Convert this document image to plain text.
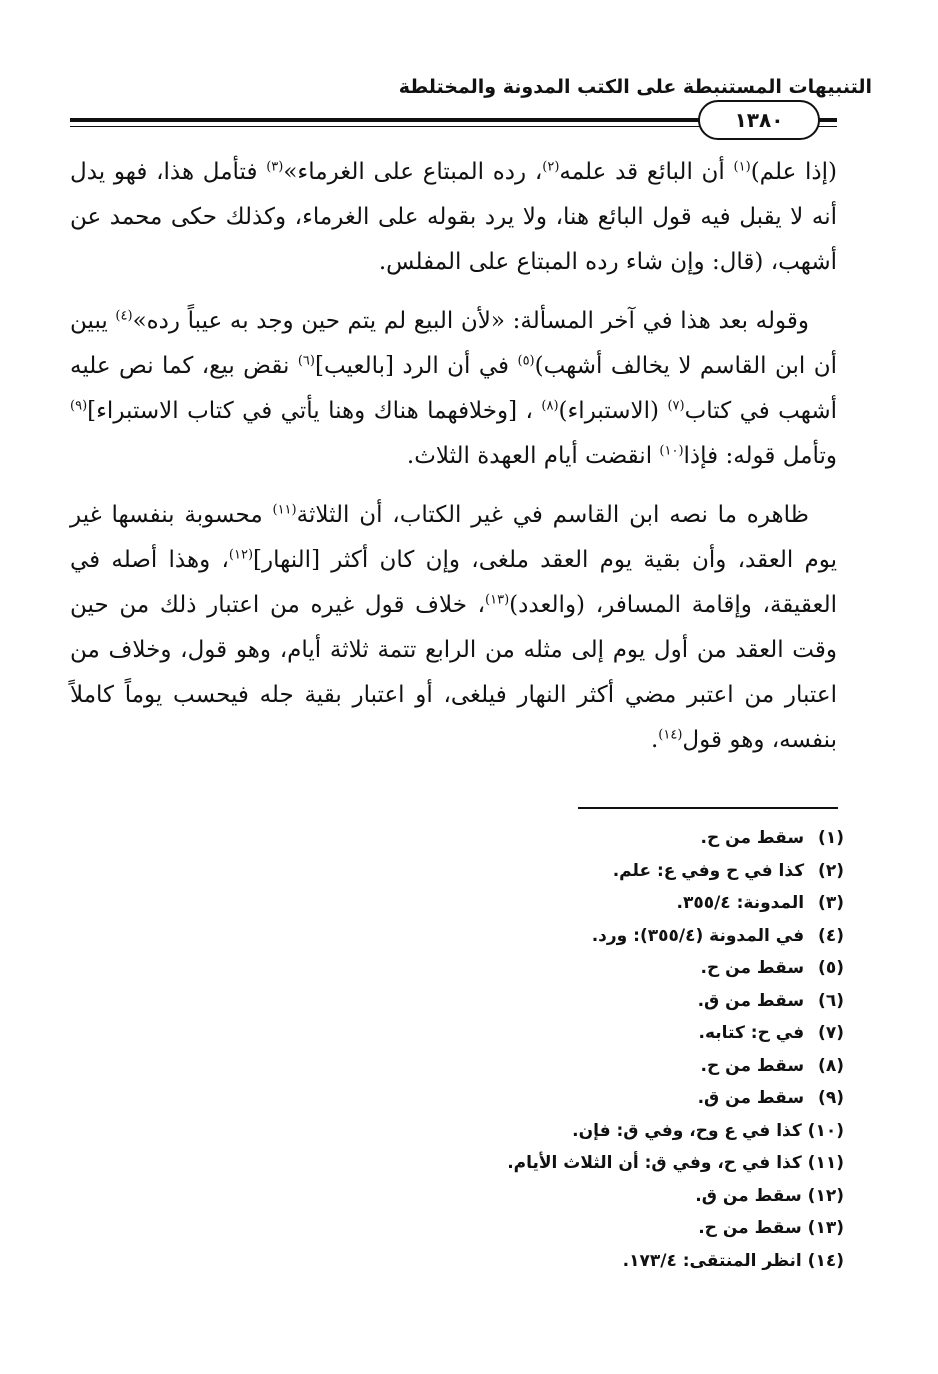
التنبيهات المستنبطة على الكتب المدونة والمختلطة
١٣٨٠

(إذا علم)$^{(١)}$ أن البائع قد علمه$^{(٢)}$، رده المبتاع على الغرماء»$^{(٣)}$ فتأمل هذا، فهو يدل أنه لا يقبل فيه قول البائع هنا، ولا يرد بقوله على الغرماء، وكذلك حكى محمد عن أشهب، (قال: وإن شاء رده المبتاع على المفلس.

وقوله بعد هذا في آخر المسألة: «لأن البيع لم يتم حين وجد به عيباً رده»$^{(٤)}$ يبين أن ابن القاسم لا يخالف أشهب)$^{(٥)}$ في أن الرد [بالعيب]$^{(٦)}$ نقض بيع، كما نص عليه أشهب في كتاب$^{(٧)}$ (الاستبراء)$^{(٨)}$ ، [وخلافهما هناك وهنا يأتي في كتاب الاستبراء]$^{(٩)}$ وتأمل قوله: فإذا$^{(١٠)}$ انقضت أيام العهدة الثلاث.

ظاهره ما نصه ابن القاسم في غير الكتاب، أن الثلاثة$^{(١١)}$ محسوبة بنفسها غير يوم العقد، وأن بقية يوم العقد ملغى، وإن كان أكثر [النهار]$^{(١٢)}$، وهذا أصله في العقيقة، وإقامة المسافر، (والعدد)$^{(١٣)}$، خلاف قول غيره من اعتبار ذلك من حين وقت العقد من أول يوم إلى مثله من الرابع تتمة ثلاثة أيام، وهو قول، وخلاف من اعتبار من اعتبر مضي أكثر النهار فيلغى، أو اعتبار بقية جله فيحسب يوماً كاملاً بنفسه، وهو قول$^{(١٤)}$.

(١) سقط من ح.
(٢) كذا في ح وفي ع: علم.
(٣) المدونة: ٣٥٥/٤.
(٤) في المدونة (٣٥٥/٤): ورد.
(٥) سقط من ح.
(٦) سقط من ق.
(٧) في ح: كتابه.
(٨) سقط من ح.
(٩) سقط من ق.
(١٠) كذا في ع وح، وفي ق: فإن.
(١١) كذا في ح، وفي ق: أن الثلاث الأيام.
(١٢) سقط من ق.
(١٣) سقط من ح.
(١٤) انظر المنتقى: ١٧٣/٤.
